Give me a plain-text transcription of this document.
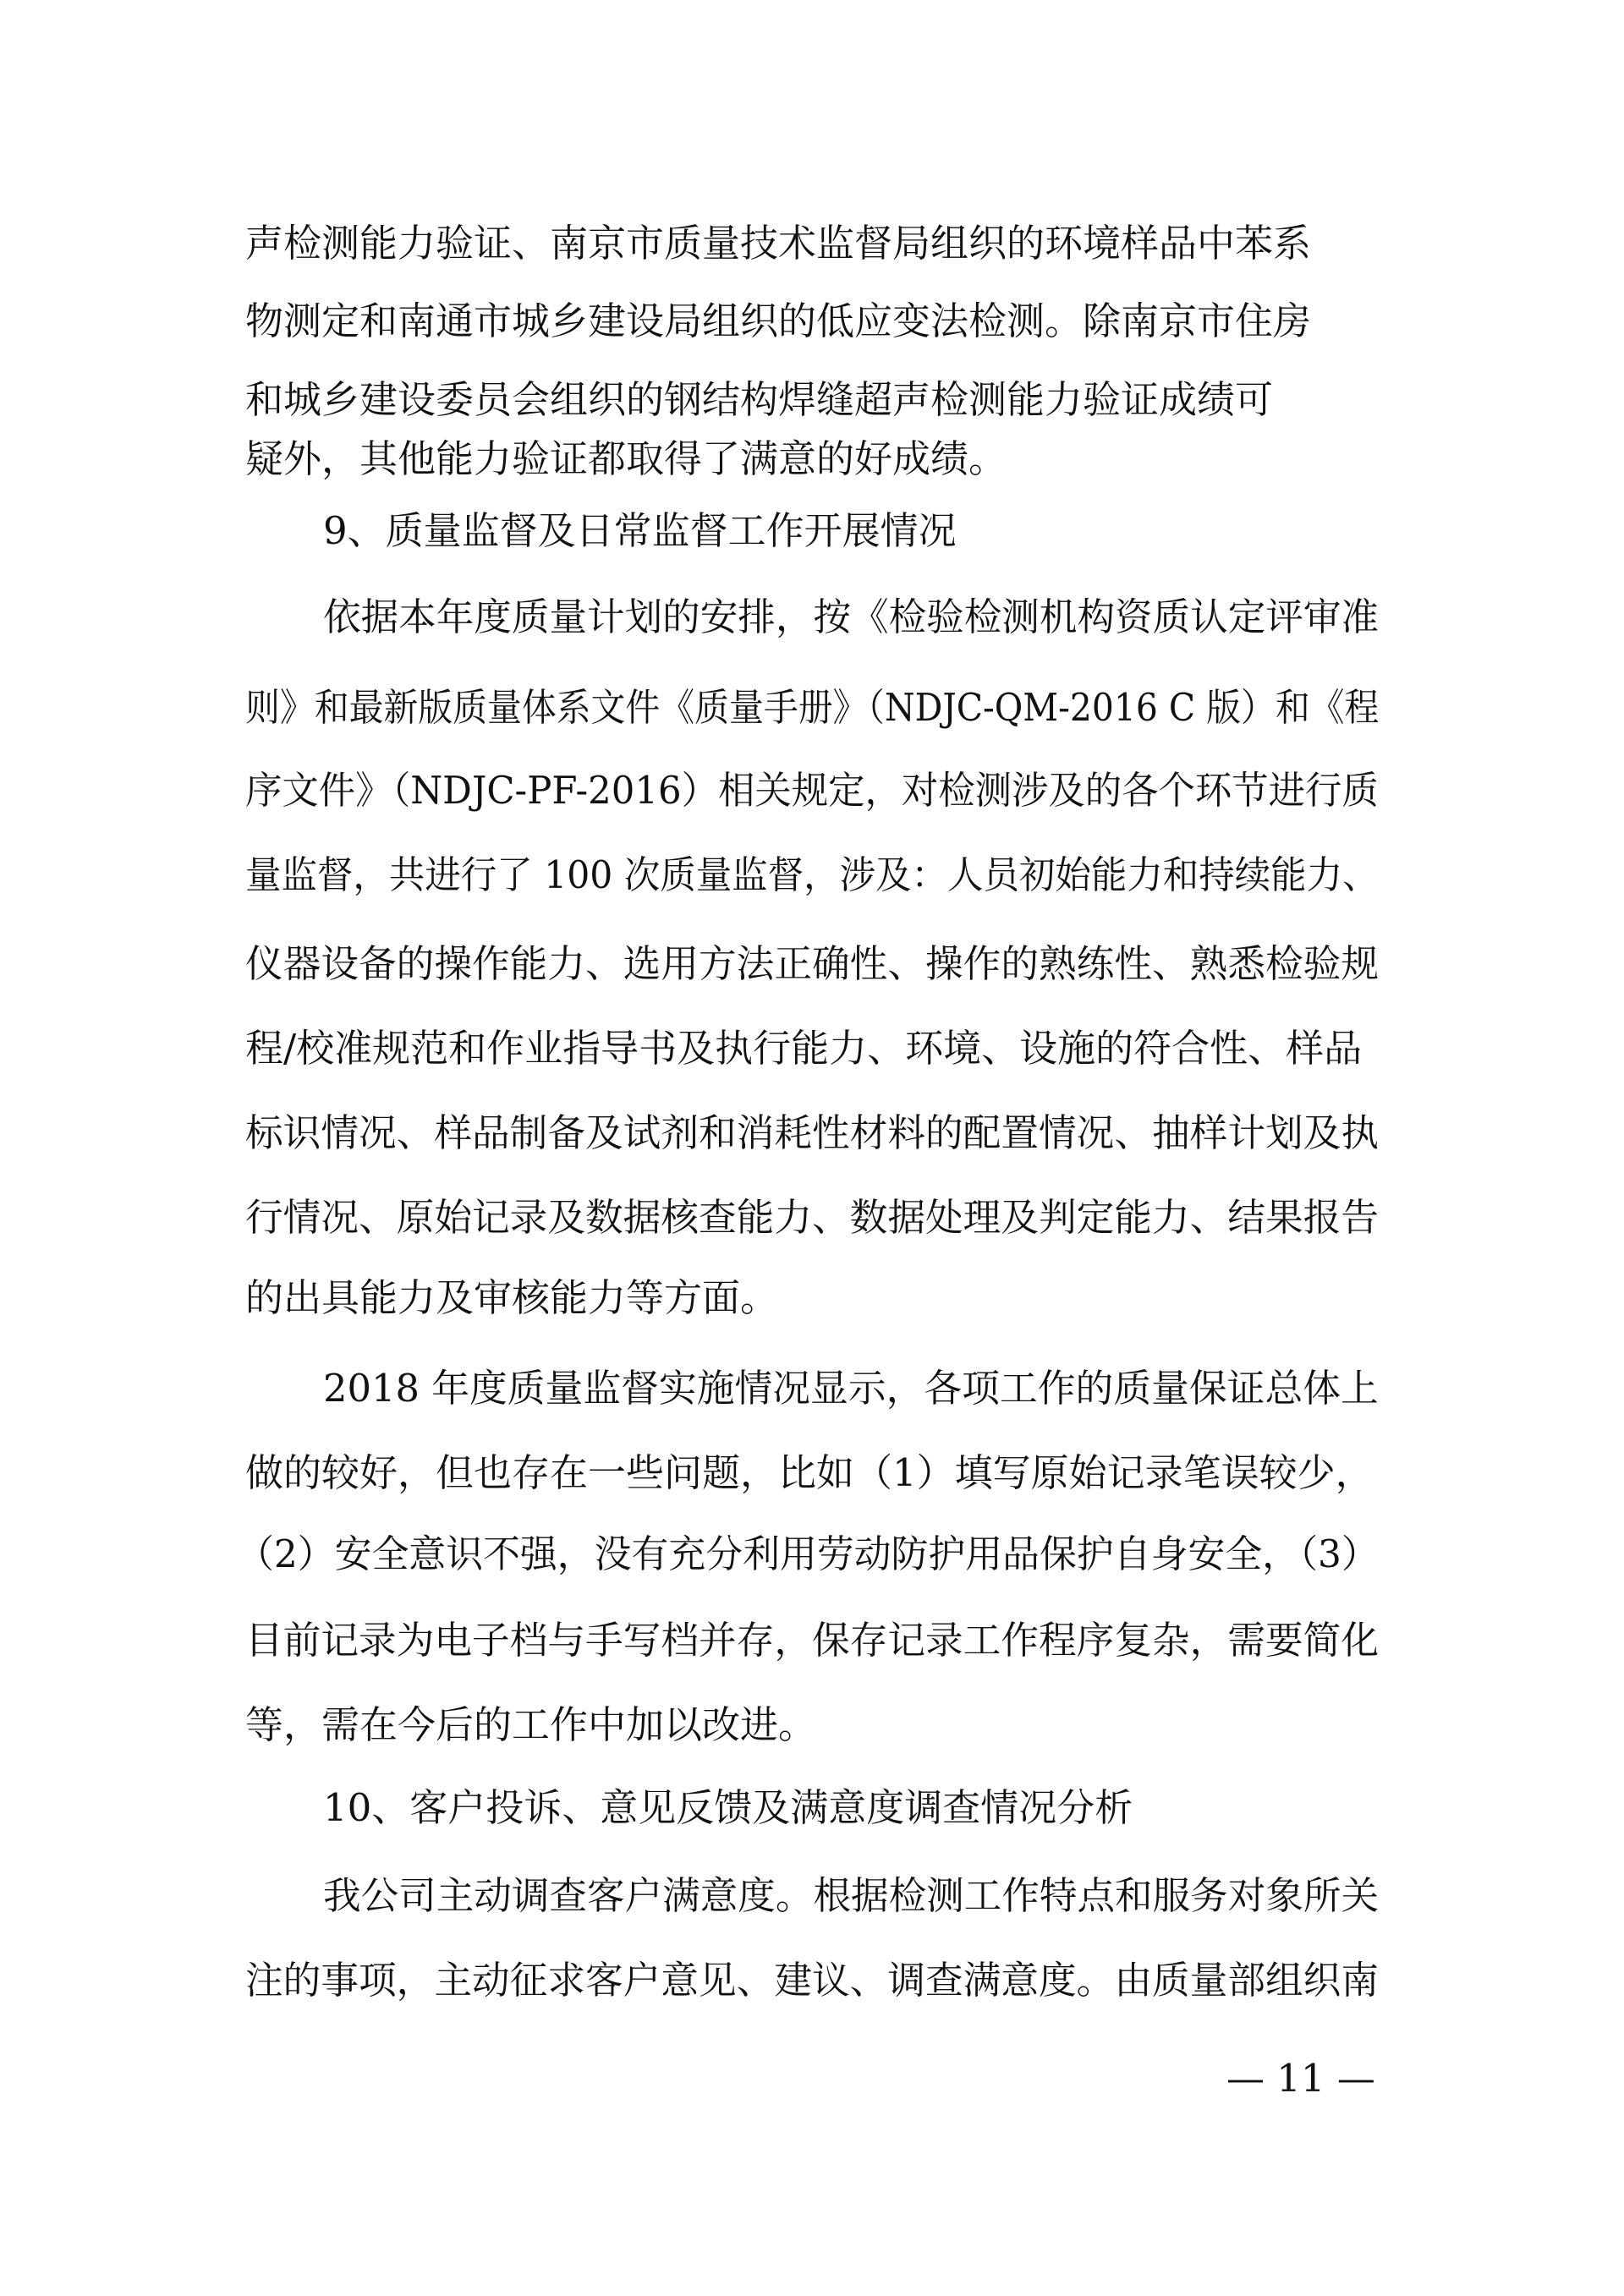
声检测能力验证、南京市质量技术监督局组织的环境样品中苯系
物测定和南通市城乡建设局组织的低应变法检测。除南京市住房
和城乡建设委员会组织的钢结构焊缝超声检测能力验证成绩可
疑外，其他能力验证都取得了满意的好成绩。
9、质量监督及日常监督工作开展情况
依据本年度质量计划的安排，按《检验检测机构资质认定评审准
则》和最新版质量体系文件《质量手册》（NDJC-QM-2016 C 版）和《程
序文件》（NDJC-PF-2016）相关规定，对检测涉及的各个环节进行质
量监督，共进行了 100 次质量监督，涉及：人员初始能力和持续能力、
仪器设备的操作能力、选用方法正确性、操作的熟练性、熟悉检验规
程/校准规范和作业指导书及执行能力、环境、设施的符合性、样品
标识情况、样品制备及试剂和消耗性材料的配置情况、抽样计划及执
行情况、原始记录及数据核查能力、数据处理及判定能力、结果报告
的出具能力及审核能力等方面。
2018 年度质量监督实施情况显示，各项工作的质量保证总体上
做的较好，但也存在一些问题，比如（1）填写原始记录笔误较少，
（2）安全意识不强，没有充分利用劳动防护用品保护自身安全，（3）
目前记录为电子档与手写档并存，保存记录工作程序复杂，需要简化
等，需在今后的工作中加以改进。
10、客户投诉、意见反馈及满意度调查情况分析
我公司主动调查客户满意度。根据检测工作特点和服务对象所关
注的事项，主动征求客户意见、建议、调查满意度。由质量部组织南
— 11 —
